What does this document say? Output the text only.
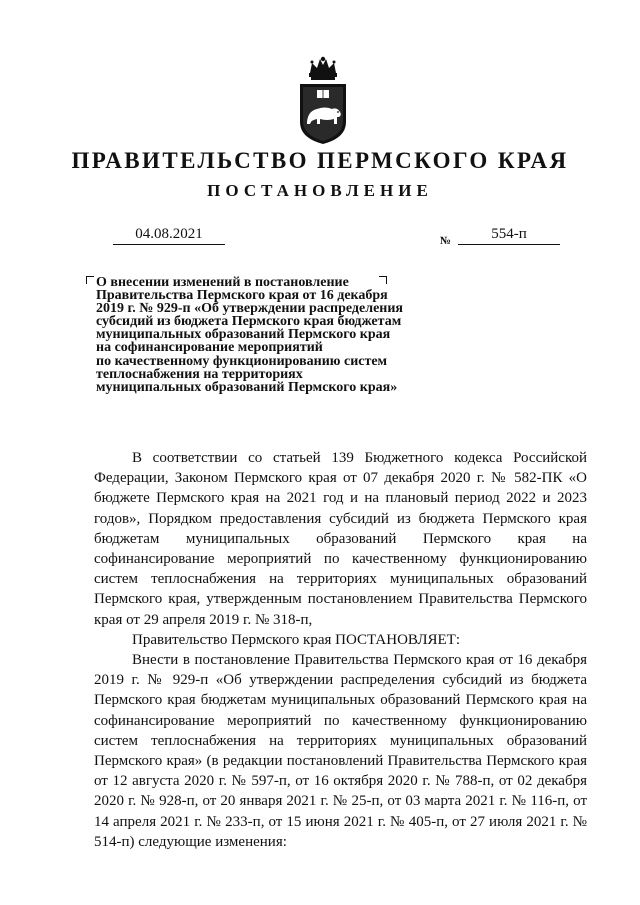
ПРАВИТЕЛЬСТВО ПЕРМСКОГО КРАЯ
ПОСТАНОВЛЕНИЕ
04.08.2021	№	554-п
О внесении изменений в постановление
Правительства Пермского края от 16 декабря
2019 г. № 929-п «Об утверждении распределения
субсидий из бюджета Пермского края бюджетам
муниципальных образований Пермского края
на софинансирование мероприятий
по качественному функционированию систем
теплоснабжения на территориях
муниципальных образований Пермского края»

В соответствии со статьей 139 Бюджетного кодекса Российской Федерации, Законом Пермского края от 07 декабря 2020 г. № 582-ПК «О бюджете Пермского края на 2021 год и на плановый период 2022 и 2023 годов», Порядком предоставления субсидий из бюджета Пермского края бюджетам муниципальных образований Пермского края на софинансирование мероприятий по качественному функционированию систем теплоснабжения на территориях муниципальных образований Пермского края, утвержденным постановлением Правительства Пермского края от 29 апреля 2019 г. № 318-п,

Правительство Пермского края ПОСТАНОВЛЯЕТ:

Внести в постановление Правительства Пермского края от 16 декабря 2019 г. № 929-п «Об утверждении распределения субсидий из бюджета Пермского края бюджетам муниципальных образований Пермского края на софинансирование мероприятий по качественному функционированию систем теплоснабжения на территориях муниципальных образований Пермского края» (в редакции постановлений Правительства Пермского края от 12 августа 2020 г. № 597-п, от 16 октября 2020 г. № 788-п, от 02 декабря 2020 г. № 928-п, от 20 января 2021 г. № 25-п, от 03 марта 2021 г. № 116-п, от 14 апреля 2021 г. № 233-п, от 15 июня 2021 г. № 405-п, от 27 июля 2021 г. № 514-п) следующие изменения:
